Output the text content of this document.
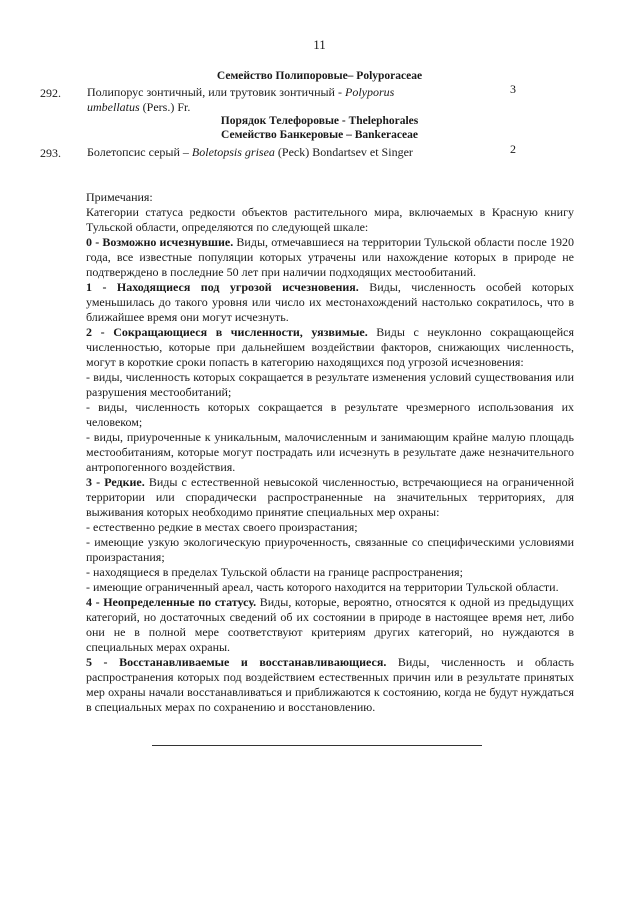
11
Семейство Полипоровые– Polyporaceae
292. Полипорус зонтичный, или трутовик зонтичный - Polyporus
umbellatus (Pers.) Fr.
3
Порядок Телефоровые - Thelephorales
Семейство Банкеровые – Bankeraceae
293. Болетопсис серый – Boletopsis grisea (Peck) Bondartsev et Singer	2

Примечания:

Категории статуса редкости объектов растительного мира, включаемых в Красную книгу Тульской области, определяются по следующей шкале:

0 - Возможно исчезнувшие. Виды, отмечавшиеся на территории Тульской области после 1920 года, все известные популяции которых утрачены или нахождение которых в природе не подтверждено в последние 50 лет при наличии подходящих местообитаний.

1 - Находящиеся под угрозой исчезновения. Виды, численность особей которых уменьшилась до такого уровня или число их местонахождений настолько сократилось, что в ближайшее время они могут исчезнуть.

2 - Сокращающиеся в численности, уязвимые. Виды с неуклонно сокращающейся численностью, которые при дальнейшем воздействии факторов, снижающих численность, могут в короткие сроки попасть в категорию находящихся под угрозой исчезновения:

- виды, численность которых сокращается в результате изменения условий существования или разрушения местообитаний;

- виды, численность которых сокращается в результате чрезмерного использования их человеком;

- виды, приуроченные к уникальным, малочисленным и занимающим крайне малую площадь местообитаниям, которые могут пострадать или исчезнуть в результате даже незначительного антропогенного воздействия.

3 - Редкие. Виды с естественной невысокой численностью, встречающиеся на ограниченной территории или спорадически распространенные на значительных территориях, для выживания которых необходимо принятие специальных мер охраны:

- естественно редкие в местах своего произрастания;

- имеющие узкую экологическую приуроченность, связанные со специфическими условиями произрастания;

- находящиеся в пределах Тульской области на границе распространения;

- имеющие ограниченный ареал, часть которого находится на территории Тульской области.

4 - Неопределенные по статусу. Виды, которые, вероятно, относятся к одной из предыдущих категорий, но достаточных сведений об их состоянии в природе в настоящее время нет, либо они не в полной мере соответствуют критериям других категорий, но нуждаются в специальных мерах охраны.

5 - Восстанавливаемые и восстанавливающиеся. Виды, численность и область распространения которых под воздействием естественных причин или в результате принятых мер охраны начали восстанавливаться и приближаются к состоянию, когда не будут нуждаться в специальных мерах по сохранению и восстановлению.
